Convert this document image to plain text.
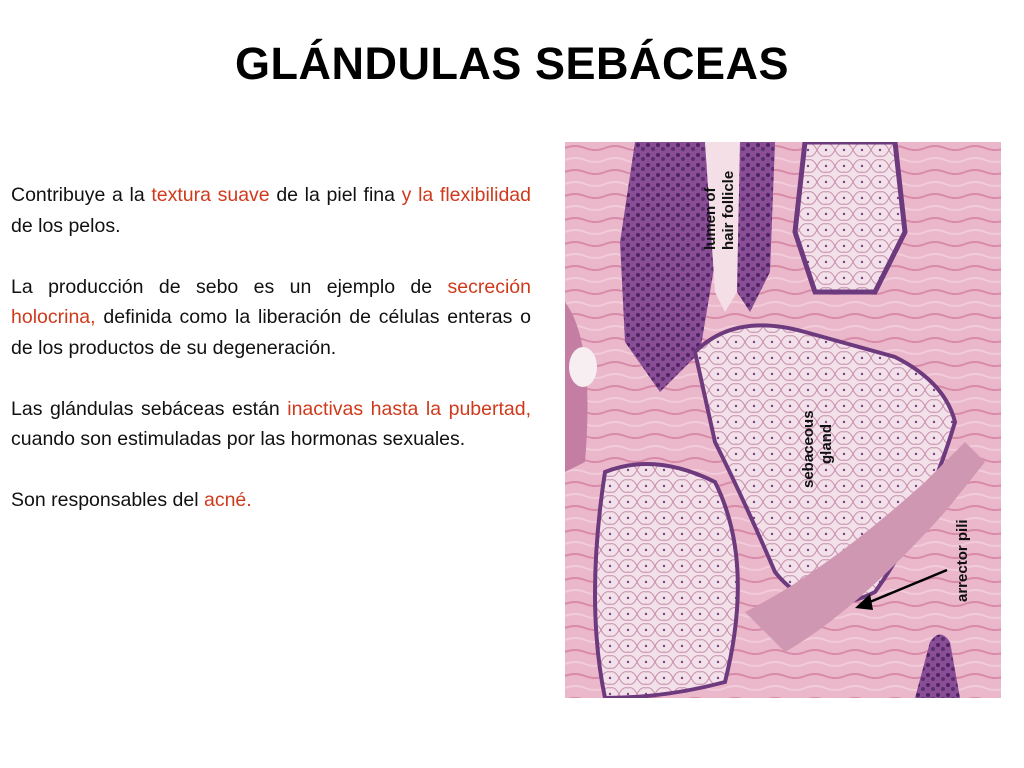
GLÁNDULAS SEBÁCEAS

Contribuye a la textura suave de la piel fina y la flexibilidad de los pelos.

La producción de sebo es un ejemplo de secreción holocrina, definida como la liberación de células enteras o de los productos de su degeneración.

Las glándulas sebáceas están inactivas hasta la pubertad, cuando son estimuladas por las hormonas sexuales.

Son responsables del acné.

lumen of hair follicle
sebaceous gland
arrector pili
